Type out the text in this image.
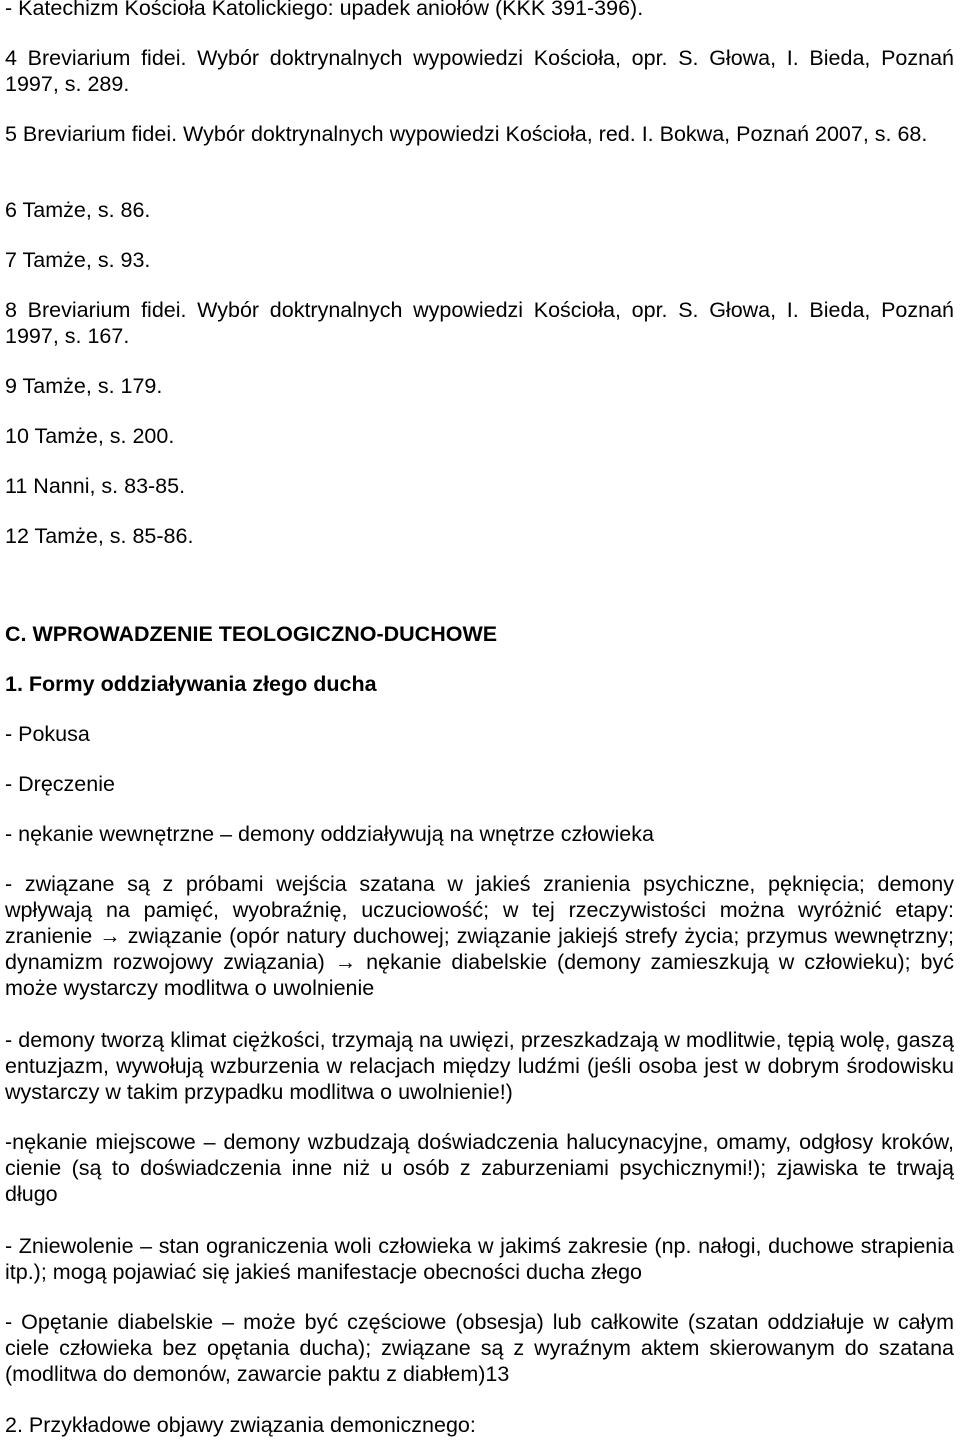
- Katechizm Kościoła Katolickiego: upadek aniołów (KKK 391-396).

4 Breviarium fidei. Wybór doktrynalnych wypowiedzi Kościoła, opr. S. Głowa, I. Bieda, Poznań 1997, s. 289.

5 Breviarium fidei. Wybór doktrynalnych wypowiedzi Kościoła, red. I. Bokwa, Poznań 2007, s. 68.

6 Tamże, s. 86.

7 Tamże, s. 93.

8 Breviarium fidei. Wybór doktrynalnych wypowiedzi Kościoła, opr. S. Głowa, I. Bieda, Poznań 1997, s. 167.

9 Tamże, s. 179.

10 Tamże, s. 200.

11 Nanni, s. 83-85.

12 Tamże, s. 85-86.

C. WPROWADZENIE TEOLOGICZNO-DUCHOWE

1. Formy oddziaływania złego ducha

- Pokusa

- Dręczenie

- nękanie wewnętrzne – demony oddziaływują na wnętrze człowieka

- związane są z próbami wejścia szatana w jakieś zranienia psychiczne, pęknięcia; demony wpływają na pamięć, wyobraźnię, uczuciowość; w tej rzeczywistości można wyróżnić etapy: zranienie → związanie (opór natury duchowej; związanie jakiejś strefy życia; przymus wewnętrzny; dynamizm rozwojowy związania) → nękanie diabelskie (demony zamieszkują w człowieku); być może wystarczy modlitwa o uwolnienie

- demony tworzą klimat ciężkości, trzymają na uwięzi, przeszkadzają w modlitwie, tępią wolę, gaszą entuzjazm, wywołują wzburzenia w relacjach między ludźmi (jeśli osoba jest w dobrym środowisku wystarczy w takim przypadku modlitwa o uwolnienie!)

-nękanie miejscowe – demony wzbudzają doświadczenia halucynacyjne, omamy, odgłosy kroków, cienie (są to doświadczenia inne niż u osób z zaburzeniami psychicznymi!); zjawiska te trwają długo

- Zniewolenie – stan ograniczenia woli człowieka w jakimś zakresie (np. nałogi, duchowe strapienia itp.); mogą pojawiać się jakieś manifestacje obecności ducha złego

- Opętanie diabelskie – może być częściowe (obsesja) lub całkowite (szatan oddziałuje w całym ciele człowieka bez opętania ducha); związane są z wyraźnym aktem skierowanym do szatana (modlitwa do demonów, zawarcie paktu z diabłem)13

2. Przykładowe objawy związania demonicznego:
